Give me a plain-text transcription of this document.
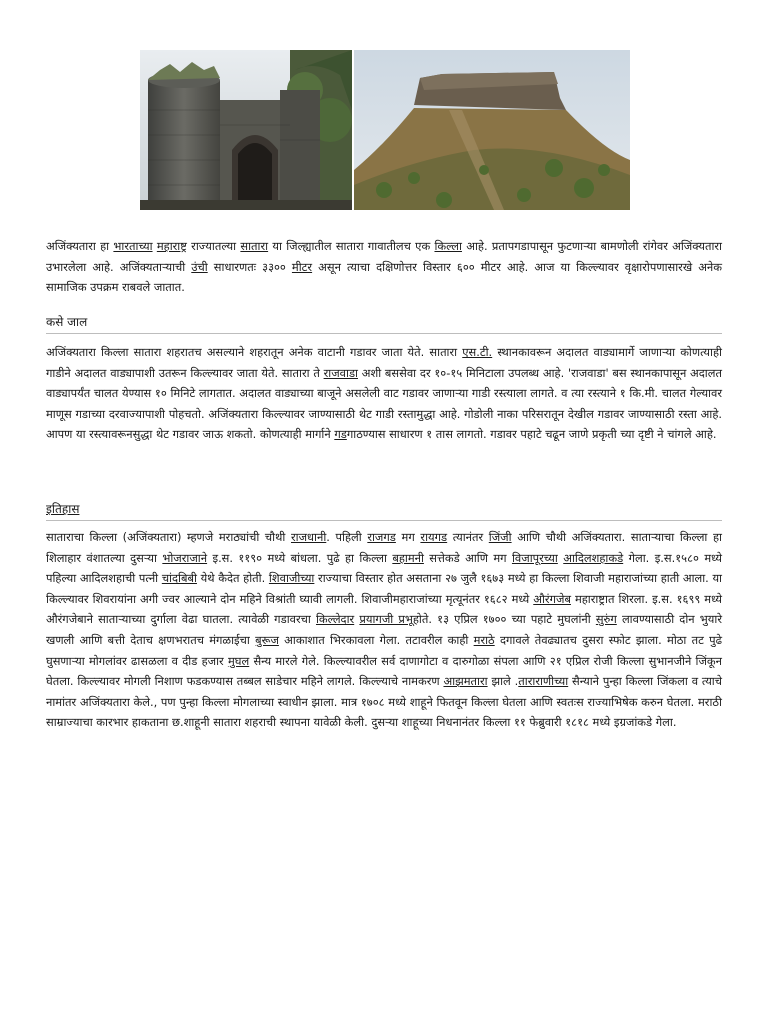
अजिंक्यतारा हा भारताच्या महाराष्ट्र राज्यातल्या सातारा या जिल्ह्यातील सातारा गावातीलच एक किल्ला आहे. प्रतापगडापासून फुटणाऱ्या बामणोली रांगेवर अजिंक्यतारा उभारलेला आहे. अजिंक्यताऱ्याची उंची साधारणतः ३३०० मीटर असून त्याचा दक्षिणोत्तर विस्तार ६०० मीटर आहे. आज या किल्ल्यावर वृक्षारोपणासारखे अनेक सामाजिक उपक्रम राबवले जातात.

कसे जाल

अजिंक्यतारा किल्ला सातारा शहरातच असल्याने शहरातून अनेक वाटानी गडावर जाता येते. सातारा एस.टी. स्थानकावरून अदालत वाड्यामार्गे जाणाऱ्या कोणत्याही गाडीने अदालत वाड्यापाशी उतरून किल्ल्यावर जाता येते. सातारा ते राजवाडा अशी बससेवा दर १०-१५ मिनिटाला उपलब्ध आहे. 'राजवाडा' बस स्थानकापासून अदालत वाड्यापर्यंत चालत येण्यास १० मिनिटे लागतात. अदालत वाड्याच्या बाजूने असलेली वाट गडावर जाणाऱ्या गाडी रस्त्याला लागते. व त्या रस्त्याने १ कि.मी. चालत गेल्यावर माणूस गडाच्या दरवाज्यापाशी पोहचतो. अजिंक्यतारा किल्ल्यावर जाण्यासाठी थेट गाडी रस्तामुद्धा आहे. गोडोली नाका परिसरातून देखील गडावर जाण्यासाठी रस्ता आहे. आपण या रस्त्यावरूनसुद्धा थेट गडावर जाऊ शकतो. कोणत्याही मार्गाने गडगाठण्यास साधारण १ तास लागतो. गडावर पहाटे चढून जाणे प्रकृती च्या दृष्टी ने चांगले आहे.

इतिहास

साताराचा किल्ला (अजिंक्यतारा) म्हणजे मराठ्यांची चौथी राजधानी. पहिली राजगड मग रायगड त्यानंतर जिंजी आणि चौथी अजिंक्यतारा. साताऱ्याचा किल्ला हा शिलाहार वंशातल्या दुसऱ्या भोजराजाने इ.स. ११९० मध्ये बांधला. पुढे हा किल्ला बहामनी सत्तेकडे आणि मग विजापूरच्या आदिलशहाकडे गेला. इ.स.१५८० मध्ये पहिल्या आदिलशहाची पत्नी चांदबिबी येथे कैदेत होती. शिवाजीच्या राज्याचा विस्तार होत असताना २७ जुलै १६७३ मध्ये हा किल्ला शिवाजी महाराजांच्या हाती आला. या किल्ल्यावर शिवरायांना अगी ज्वर आल्याने दोन महिने विश्रांती घ्यावी लागली. शिवाजीमहाराजांच्या मृत्यूनंतर १६८२ मध्ये औरंगजेब महाराष्ट्रात शिरला. इ.स. १६९९ मध्ये औरंगजेबाने साताऱ्याच्या दुर्गाला वेढा घातला. त्यावेळी गडावरचा किल्लेदार प्रयागजी प्रभूहोते. १३ एप्रिल १७०० च्या पहाटे मुघलांनी सुरुंग लावण्यासाठी दोन भुयारे खणली आणि बत्ती देताच क्षणभरातच मंगळाईचा बुरूज आकाशात भिरकावला गेला. तटावरील काही मराठे दगावले तेवढ्यातच दुसरा स्फोट झाला. मोठा तट पुढे घुसणाऱ्या मोगलांवर ढासळला व दीड हजार मुघल सैन्य मारले गेले. किल्ल्यावरील सर्व दाणागोटा व दारुगोळा संपला आणि २१ एप्रिल रोजी किल्ला सुभानजीने जिंकून घेतला. किल्ल्यावर मोगली निशाण फडकण्यास तब्बल साडेचार महिने लागले. किल्ल्याचे नामकरण आझमतारा झाले .ताराराणीच्या सैन्याने पुन्हा किल्ला जिंकला व त्याचे नामांतर अजिंक्यतारा केले., पण पुन्हा किल्ला मोगलाच्या स्वाधीन झाला. मात्र १७०८ मध्ये शाहूने फितवून किल्ला घेतला आणि स्वतःस राज्याभिषेक करुन घेतला. मराठी साम्राज्याचा कारभार हाकताना छ.शाहूनी सातारा शहराची स्थापना यावेळी केली. दुसऱ्या शाहूच्या निधनानंतर किल्ला ११ फेब्रुवारी १८१८ मध्ये इग्रजांकडे गेला.
